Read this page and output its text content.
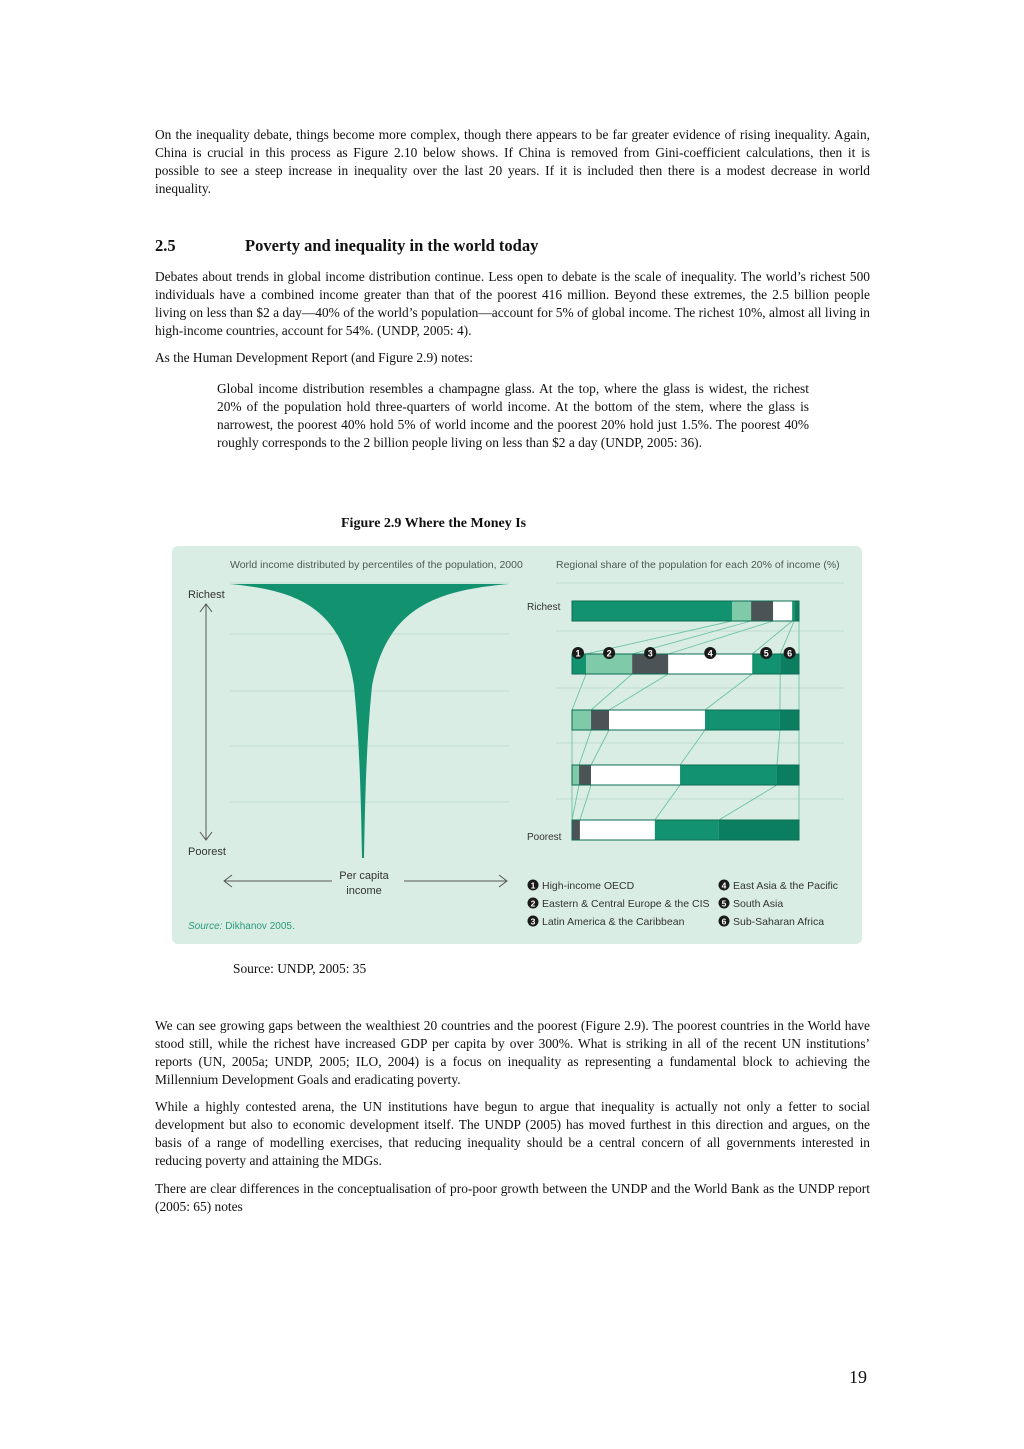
On the inequality debate, things become more complex, though there appears to be far greater evidence of rising inequality. Again, China is crucial in this process as Figure 2.10 below shows. If China is removed from Gini-coefficient calculations, then it is possible to see a steep increase in inequality over the last 20 years. If it is included then there is a modest decrease in world inequality.

2.5	Poverty and inequality in the world today

Debates about trends in global income distribution continue. Less open to debate is the scale of inequality. The world’s richest 500 individuals have a combined income greater than that of the poorest 416 million. Beyond these extremes, the 2.5 billion people living on less than $2 a day—40% of the world’s population—account for 5% of global income. The richest 10%, almost all living in high-income countries, account for 54%. (UNDP, 2005: 4).

As the Human Development Report (and Figure 2.9) notes:

Global income distribution resembles a champagne glass. At the top, where the glass is widest, the richest 20% of the population hold three-quarters of world income. At the bottom of the stem, where the glass is narrowest, the poorest 40% hold 5% of world income and the poorest 20% hold just 1.5%. The poorest 40% roughly corresponds to the 2 billion people living on less than $2 a day (UNDP, 2005: 36).

Figure 2.9 Where the Money Is

World income distributed by percentiles of the population, 2000	Regional share of the population for each 20% of income (%)
Richest
Poorest
Per capita
income
Source: Dikhanov 2005.
Richest
Poorest
1	2	3	4	5 6
1 High-income OECD
2 Eastern & Central Europe & the CIS
3 Latin America & the Caribbean
4 East Asia & the Pacific
5 South Asia
6 Sub-Saharan Africa

Source: UNDP, 2005: 35

We can see growing gaps between the wealthiest 20 countries and the poorest (Figure 2.9). The poorest countries in the World have stood still, while the richest have increased GDP per capita by over 300%. What is striking in all of the recent UN institutions’ reports (UN, 2005a; UNDP, 2005; ILO, 2004) is a focus on inequality as representing a fundamental block to achieving the Millennium Development Goals and eradicating poverty.

While a highly contested arena, the UN institutions have begun to argue that inequality is actually not only a fetter to social development but also to economic development itself. The UNDP (2005) has moved furthest in this direction and argues, on the basis of a range of modelling exercises, that reducing inequality should be a central concern of all governments interested in reducing poverty and attaining the MDGs.

There are clear differences in the conceptualisation of pro-poor growth between the UNDP and the World Bank as the UNDP report (2005: 65) notes

19
